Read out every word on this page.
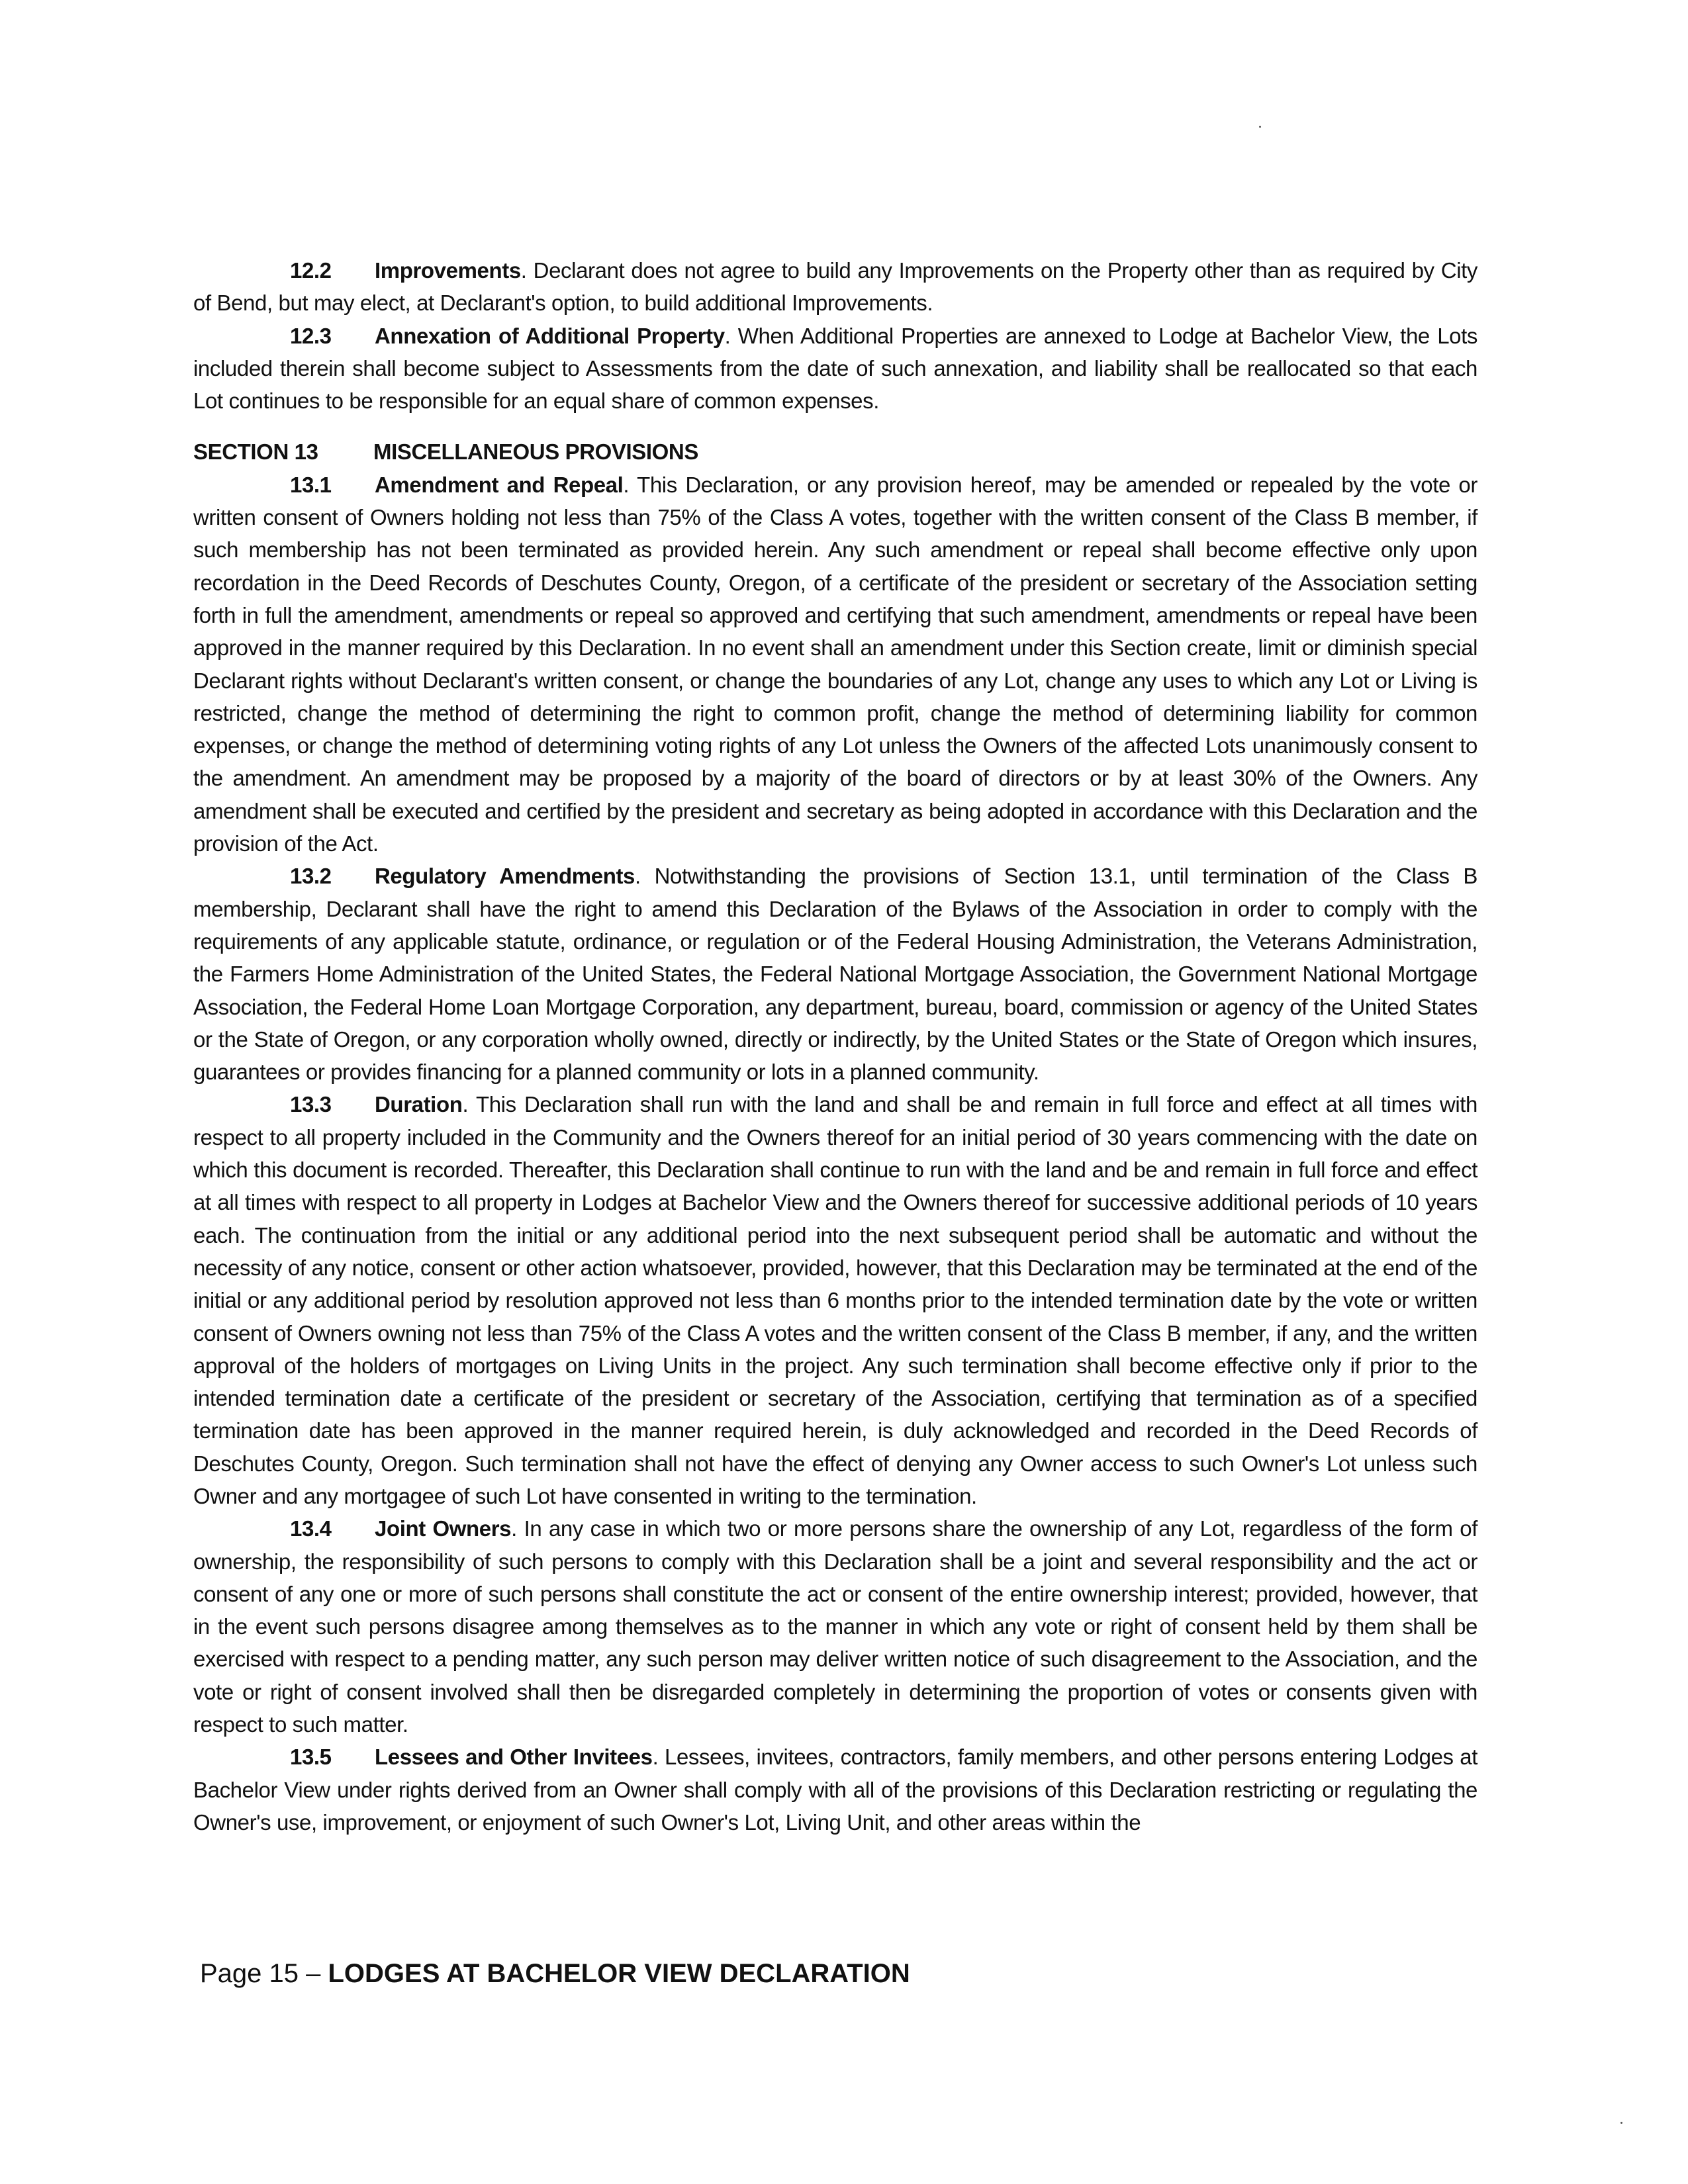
12.2 Improvements. Declarant does not agree to build any Improvements on the Property other than as required by City of Bend, but may elect, at Declarant's option, to build additional Improvements.

12.3 Annexation of Additional Property. When Additional Properties are annexed to Lodge at Bachelor View, the Lots included therein shall become subject to Assessments from the date of such annexation, and liability shall be reallocated so that each Lot continues to be responsible for an equal share of common expenses.

SECTION 13	MISCELLANEOUS PROVISIONS

13.1 Amendment and Repeal. This Declaration, or any provision hereof, may be amended or repealed by the vote or written consent of Owners holding not less than 75% of the Class A votes, together with the written consent of the Class B member, if such membership has not been terminated as provided herein. Any such amendment or repeal shall become effective only upon recordation in the Deed Records of Deschutes County, Oregon, of a certificate of the president or secretary of the Association setting forth in full the amendment, amendments or repeal so approved and certifying that such amendment, amendments or repeal have been approved in the manner required by this Declaration. In no event shall an amendment under this Section create, limit or diminish special Declarant rights without Declarant's written consent, or change the boundaries of any Lot, change any uses to which any Lot or Living is restricted, change the method of determining the right to common profit, change the method of determining liability for common expenses, or change the method of determining voting rights of any Lot unless the Owners of the affected Lots unanimously consent to the amendment. An amendment may be proposed by a majority of the board of directors or by at least 30% of the Owners. Any amendment shall be executed and certified by the president and secretary as being adopted in accordance with this Declaration and the provision of the Act.

13.2 Regulatory Amendments. Notwithstanding the provisions of Section 13.1, until termination of the Class B membership, Declarant shall have the right to amend this Declaration of the Bylaws of the Association in order to comply with the requirements of any applicable statute, ordinance, or regulation or of the Federal Housing Administration, the Veterans Administration, the Farmers Home Administration of the United States, the Federal National Mortgage Association, the Government National Mortgage Association, the Federal Home Loan Mortgage Corporation, any department, bureau, board, commission or agency of the United States or the State of Oregon, or any corporation wholly owned, directly or indirectly, by the United States or the State of Oregon which insures, guarantees or provides financing for a planned community or lots in a planned community.

13.3 Duration. This Declaration shall run with the land and shall be and remain in full force and effect at all times with respect to all property included in the Community and the Owners thereof for an initial period of 30 years commencing with the date on which this document is recorded. Thereafter, this Declaration shall continue to run with the land and be and remain in full force and effect at all times with respect to all property in Lodges at Bachelor View and the Owners thereof for successive additional periods of 10 years each. The continuation from the initial or any additional period into the next subsequent period shall be automatic and without the necessity of any notice, consent or other action whatsoever, provided, however, that this Declaration may be terminated at the end of the initial or any additional period by resolution approved not less than 6 months prior to the intended termination date by the vote or written consent of Owners owning not less than 75% of the Class A votes and the written consent of the Class B member, if any, and the written approval of the holders of mortgages on Living Units in the project. Any such termination shall become effective only if prior to the intended termination date a certificate of the president or secretary of the Association, certifying that termination as of a specified termination date has been approved in the manner required herein, is duly acknowledged and recorded in the Deed Records of Deschutes County, Oregon. Such termination shall not have the effect of denying any Owner access to such Owner's Lot unless such Owner and any mortgagee of such Lot have consented in writing to the termination.

13.4 Joint Owners. In any case in which two or more persons share the ownership of any Lot, regardless of the form of ownership, the responsibility of such persons to comply with this Declaration shall be a joint and several responsibility and the act or consent of any one or more of such persons shall constitute the act or consent of the entire ownership interest; provided, however, that in the event such persons disagree among themselves as to the manner in which any vote or right of consent held by them shall be exercised with respect to a pending matter, any such person may deliver written notice of such disagreement to the Association, and the vote or right of consent involved shall then be disregarded completely in determining the proportion of votes or consents given with respect to such matter.

13.5 Lessees and Other Invitees. Lessees, invitees, contractors, family members, and other persons entering Lodges at Bachelor View under rights derived from an Owner shall comply with all of the provisions of this Declaration restricting or regulating the Owner's use, improvement, or enjoyment of such Owner's Lot, Living Unit, and other areas within the

Page 15 – LODGES AT BACHELOR VIEW DECLARATION
